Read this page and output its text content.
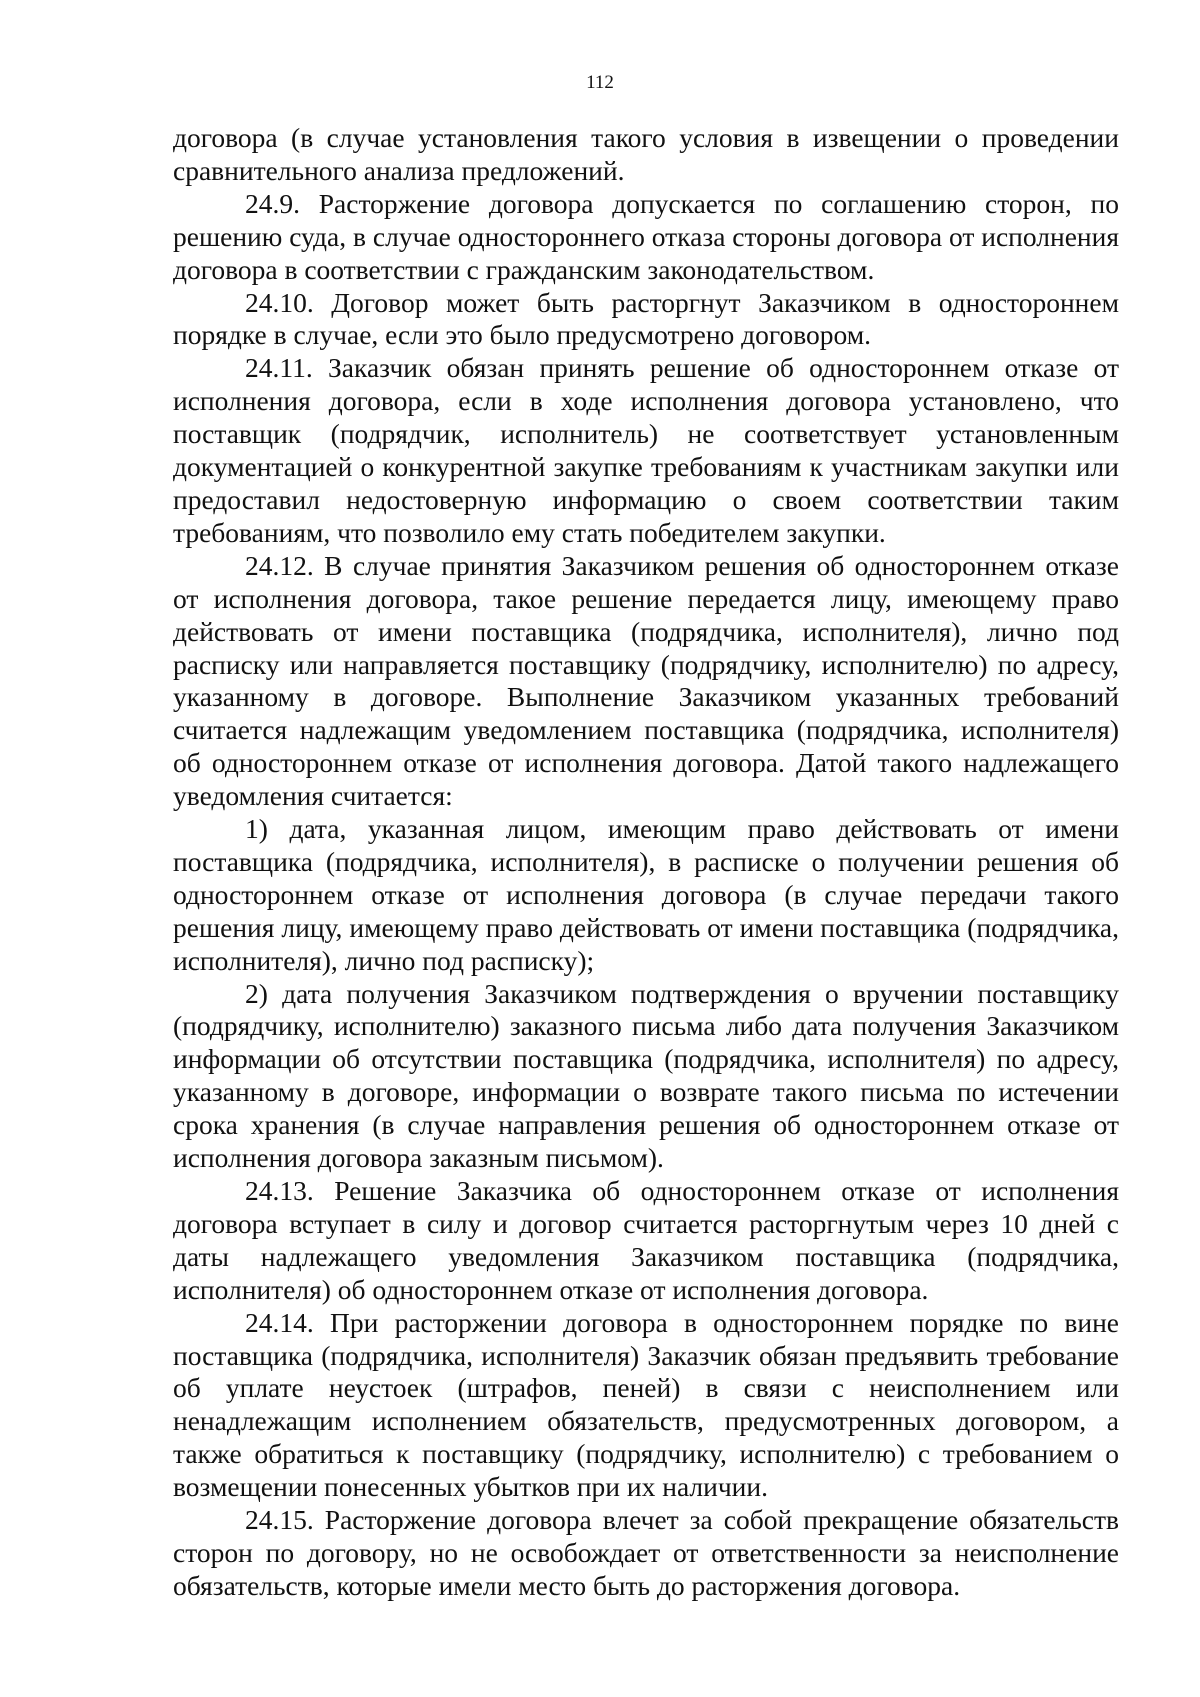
112

договора (в случае установления такого условия в извещении о проведении сравнительного анализа предложений.

24.9. Расторжение договора допускается по соглашению сторон, по решению суда, в случае одностороннего отказа стороны договора от исполнения договора в соответствии с гражданским законодательством.

24.10. Договор может быть расторгнут Заказчиком в одностороннем порядке в случае, если это было предусмотрено договором.

24.11. Заказчик обязан принять решение об одностороннем отказе от исполнения договора, если в ходе исполнения договора установлено, что поставщик (подрядчик, исполнитель) не соответствует установленным документацией о конкурентной закупке требованиям к участникам закупки или предоставил недостоверную информацию о своем соответствии таким требованиям, что позволило ему стать победителем закупки.

24.12. В случае принятия Заказчиком решения об одностороннем отказе от исполнения договора, такое решение передается лицу, имеющему право действовать от имени поставщика (подрядчика, исполнителя), лично под расписку или направляется поставщику (подрядчику, исполнителю) по адресу, указанному в договоре. Выполнение Заказчиком указанных требований считается надлежащим уведомлением поставщика (подрядчика, исполнителя) об одностороннем отказе от исполнения договора. Датой такого надлежащего уведомления считается:

1) дата, указанная лицом, имеющим право действовать от имени поставщика (подрядчика, исполнителя), в расписке о получении решения об одностороннем отказе от исполнения договора (в случае передачи такого решения лицу, имеющему право действовать от имени поставщика (подрядчика, исполнителя), лично под расписку);

2) дата получения Заказчиком подтверждения о вручении поставщику (подрядчику, исполнителю) заказного письма либо дата получения Заказчиком информации об отсутствии поставщика (подрядчика, исполнителя) по адресу, указанному в договоре, информации о возврате такого письма по истечении срока хранения (в случае направления решения об одностороннем отказе от исполнения договора заказным письмом).

24.13. Решение Заказчика об одностороннем отказе от исполнения договора вступает в силу и договор считается расторгнутым через 10 дней с даты надлежащего уведомления Заказчиком поставщика (подрядчика, исполнителя) об одностороннем отказе от исполнения договора.

24.14. При расторжении договора в одностороннем порядке по вине поставщика (подрядчика, исполнителя) Заказчик обязан предъявить требование об уплате неустоек (штрафов, пеней) в связи с неисполнением или ненадлежащим исполнением обязательств, предусмотренных договором, а также обратиться к поставщику (подрядчику, исполнителю) с требованием о возмещении понесенных убытков при их наличии.

24.15. Расторжение договора влечет за собой прекращение обязательств сторон по договору, но не освобождает от ответственности за неисполнение обязательств, которые имели место быть до расторжения договора.
